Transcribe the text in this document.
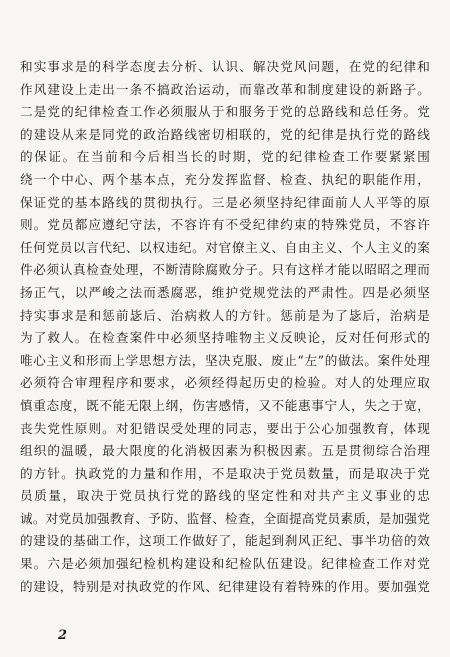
和实事求是的科学态度去分析、认识、解决党风问题，在党的纪律和
作风建设上走出一条不搞政治运动，而靠改革和制度建设的新路子。
二是党的纪律检查工作必须服从于和服务于党的总路线和总任务。党
的建设从来是同党的政治路线密切相联的，党的纪律是执行党的路线
的保证。在当前和今后相当长的时期，党的纪律检查工作要紧紧围
绕一个中心、两个基本点，充分发挥监督、检查、执纪的职能作用，
保证党的基本路线的贯彻执行。三是必须坚持纪律面前人人平等的原
则。党员都应遵纪守法，不容许有不受纪律约束的特殊党员，不容许
任何党员以言代纪、以权违纪。对官僚主义、自由主义、个人主义的案
件必须认真检查处理，不断清除腐败分子。只有这样才能以昭昭之理而
扬正气，以严峻之法而悉腐恶，维护党规党法的严肃性。四是必须坚
持实事求是和惩前毖后、治病救人的方针。惩前是为了毖后，治病是
为了救人。在检查案件中必须坚持唯物主义反映论，反对任何形式的
唯心主义和形而上学思想方法，坚决克服、废止“左”的做法。案件处理
必须符合审理程序和要求，必须经得起历史的检验。对人的处理应取
慎重态度，既不能无限上纲，伤害感情，又不能惠事宁人，失之于宽，
丧失党性原则。对犯错误受处理的同志，要出于公心加强教育，体现
组织的温暖，最大限度的化消极因素为积极因素。五是贯彻综合治理
的方针。执政党的力量和作用，不是取决于党员数量，而是取决于党
员质量，取决于党员执行党的路线的坚定性和对共产主义事业的忠
诚。对党员加强教育、予防、监督、检查，全面提高党员素质，是加强党
的建设的基础工作，这项工作做好了，能起到刹风正纪、事半功倍的效
果。六是必须加强纪检机构建设和纪检队伍建设。纪律检查工作对党
的建设，特别是对执政党的作风、纪律建设有着特殊的作用。要加强党
2
